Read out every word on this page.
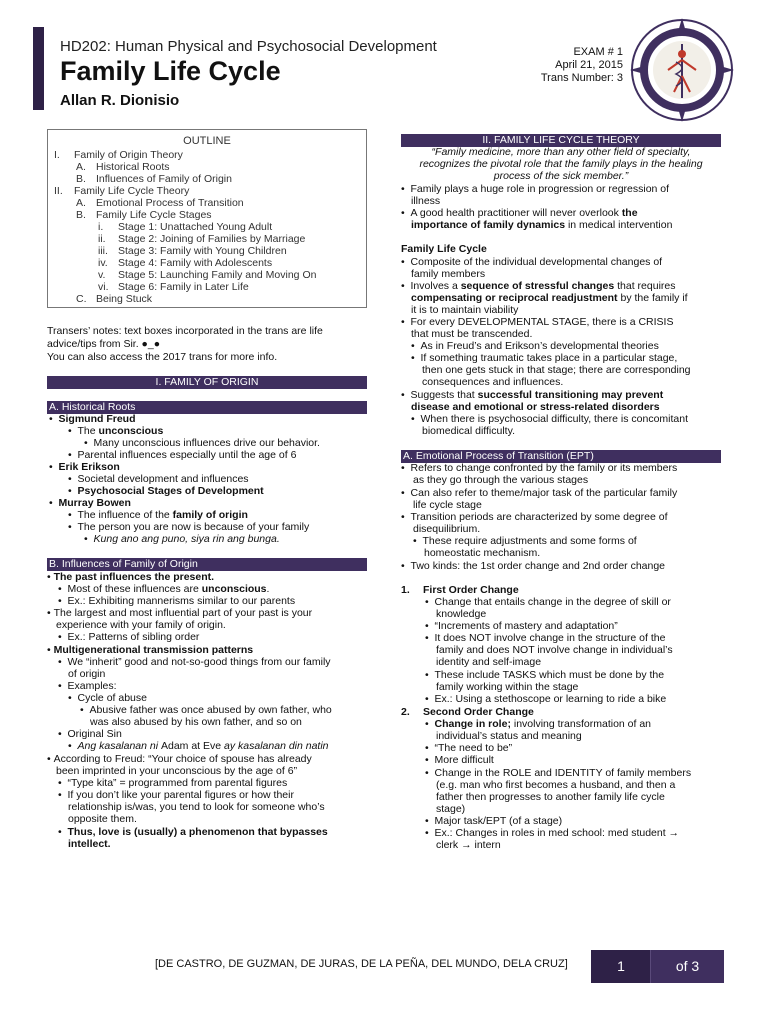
HD202: Human Physical and Psychosocial Development
Family Life Cycle
Allan R. Dionisio
EXAM # 1
April 21, 2015
Trans Number: 3
OUTLINE
I. Family of Origin Theory
A. Historical Roots
B. Influences of Family of Origin
II. Family Life Cycle Theory
A. Emotional Process of Transition
B. Family Life Cycle Stages
i. Stage 1: Unattached Young Adult
ii. Stage 2: Joining of Families by Marriage
iii. Stage 3: Family with Young Children
iv. Stage 4: Family with Adolescents
v. Stage 5: Launching Family and Moving On
vi. Stage 6: Family in Later Life
C. Being Stuck
Transers’ notes: text boxes incorporated in the trans are life
advice/tips from Sir. ●_●
You can also access the 2017 trans for more info.
I. FAMILY OF ORIGIN
A. Historical Roots
•  Sigmund Freud
•  The unconscious
•  Many unconscious influences drive our behavior.
•  Parental influences especially until the age of 6
•  Erik Erikson
•  Societal development and influences
•  Psychosocial Stages of Development
•  Murray Bowen
•  The influence of the family of origin
•  The person you are now is because of your family
•  Kung ano ang puno, siya rin ang bunga.
B. Influences of Family of Origin
• The past influences the present.
•  Most of these influences are unconscious.
•  Ex.: Exhibiting mannerisms similar to our parents
• The largest and most influential part of your past is your
experience with your family of origin.
•  Ex.: Patterns of sibling order
• Multigenerational transmission patterns
•  We “inherit” good and not-so-good things from our family
of origin
•  Examples:
•  Cycle of abuse
•  Abusive father was once abused by own father, who
was also abused by his own father, and so on
•  Original Sin
•  Ang kasalanan ni Adam at Eve ay kasalanan din natin
• According to Freud: “Your choice of spouse has already
been imprinted in your unconscious by the age of 6”
•  “Type kita” = programmed from parental figures
•  If you don’t like your parental figures or how their
relationship is/was, you tend to look for someone who’s
opposite them.
•  Thus, love is (usually) a phenomenon that bypasses
intellect.
II. FAMILY LIFE CYCLE THEORY
“Family medicine, more than any other field of specialty,
recognizes the pivotal role that the family plays in the healing
process of the sick member.”
•  Family plays a huge role in progression or regression of
illness
•  A good health practitioner will never overlook the
importance of family dynamics in medical intervention
Family Life Cycle
•  Composite of the individual developmental changes of
family members
•  Involves a sequence of stressful changes that requires
compensating or reciprocal readjustment by the family if
it is to maintain viability
•  For every DEVELOPMENTAL STAGE, there is a CRISIS
that must be transcended.
•  As in Freud’s and Erikson’s developmental theories
•  If something traumatic takes place in a particular stage,
then one gets stuck in that stage; there are corresponding
consequences and influences.
•  Suggests that successful transitioning may prevent
disease and emotional or stress-related disorders
•  When there is psychosocial difficulty, there is concomitant
biomedical difficulty.
A. Emotional Process of Transition (EPT)
•  Refers to change confronted by the family or its members
as they go through the various stages
•  Can also refer to theme/major task of the particular family
life cycle stage
•  Transition periods are characterized by some degree of
disequilibrium.
•  These require adjustments and some forms of
homeostatic mechanism.
•  Two kinds: the 1st order change and 2nd order change
1. First Order Change
•  Change that entails change in the degree of skill or
knowledge
•  “Increments of mastery and adaptation”
•  It does NOT involve change in the structure of the
family and does NOT involve change in individual’s
identity and self-image
•  These include TASKS which must be done by the
family working within the stage
•  Ex.: Using a stethoscope or learning to ride a bike
2. Second Order Change
•  Change in role; involving transformation of an
individual’s status and meaning
•  “The need to be”
•  More difficult
•  Change in the ROLE and IDENTITY of family members
(e.g. man who first becomes a husband, and then a
father then progresses to another family life cycle
stage)
•  Major task/EPT (of a stage)
•  Ex.: Changes in roles in med school: med student →
clerk → intern
[DE CASTRO, DE GUZMAN, DE JURAS, DE LA PEÑA, DEL MUNDO, DELA CRUZ]	1	of 3
